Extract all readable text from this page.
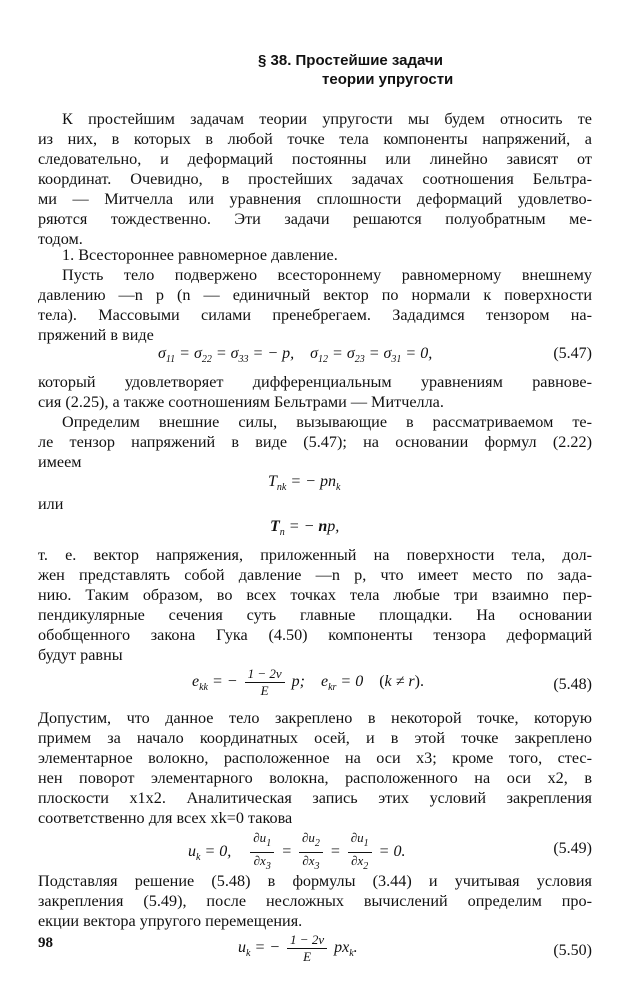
§ 38. Простейшие задачи
теории упругости
К простейшим задачам теории упругости мы будем относить те
из них, в которых в любой точке тела компоненты напряжений, а
следовательно, и деформаций постоянны или линейно зависят от
координат. Очевидно, в простейших задачах соотношения Бельтра-
ми — Митчелла или уравнения сплошности деформаций удовлетво-
ряются тождественно. Эти задачи решаются полуобратным ме-
тодом.
1. Всестороннее равномерное давление.
Пусть тело подвержено всестороннему равномерному внешнему
давлению —n p (n — единичный вектор по нормали к поверхности
тела). Массовыми силами пренебрегаем. Зададимся тензором на-
пряжений в виде
$\sigma_{11} = \sigma_{22} = \sigma_{33}$ = − p,    $\sigma_{12} = \sigma_{23} = \sigma_{31} = 0$,	(5.47)
который удовлетворяет дифференциальным уравнениям равнове-
сия (2.25), а также соотношениям Бельтрами — Митчелла.
Определим внешние силы, вызывающие в рассматриваемом те-
ле тензор напряжений в виде (5.47); на основании формул (2.22)
имеем
$T_{nk}$ = − $pn_k$
или
$T_n$ = − np,
т. е. вектор напряжения, приложенный на поверхности тела, дол-
жен представлять собой давление —n p, что имеет место по зада-
нию. Таким образом, во всех точках тела любые три взаимно пер-
пендикулярные сечения суть главные площадки. На основании
обобщенного закона Гука (4.50) компоненты тензора деформаций
будут равны
$e_{kk}$ = − $\frac{1 - 2\nu}{E} p$;    $e_{kr} = 0$    (k ≠ r).	(5.48)
Допустим, что данное тело закреплено в некоторой точке, которую
примем за начало координатных осей, и в этой точке закреплено
элементарное волокно, расположенное на оси x3; кроме того, стес-
нен поворот элементарного волокна, расположенного на оси x2, в
плоскости x1x2. Аналитическая запись этих условий закрепления
соответственно для всех xk=0 такова
$u_k = 0$, $\frac{\partial u_1}{\partial x_3} = \frac{\partial u_2}{\partial x_3} = \frac{\partial u_1}{\partial x_2} = 0$.	(5.49)
Подставляя решение (5.48) в формулы (3.44) и учитывая условия
закрепления (5.49), после несложных вычислений определим про-
екции вектора упругого перемещения.
$u_k$ = − $\frac{1 - 2\nu}{E} px_k$.	(5.50)
98
